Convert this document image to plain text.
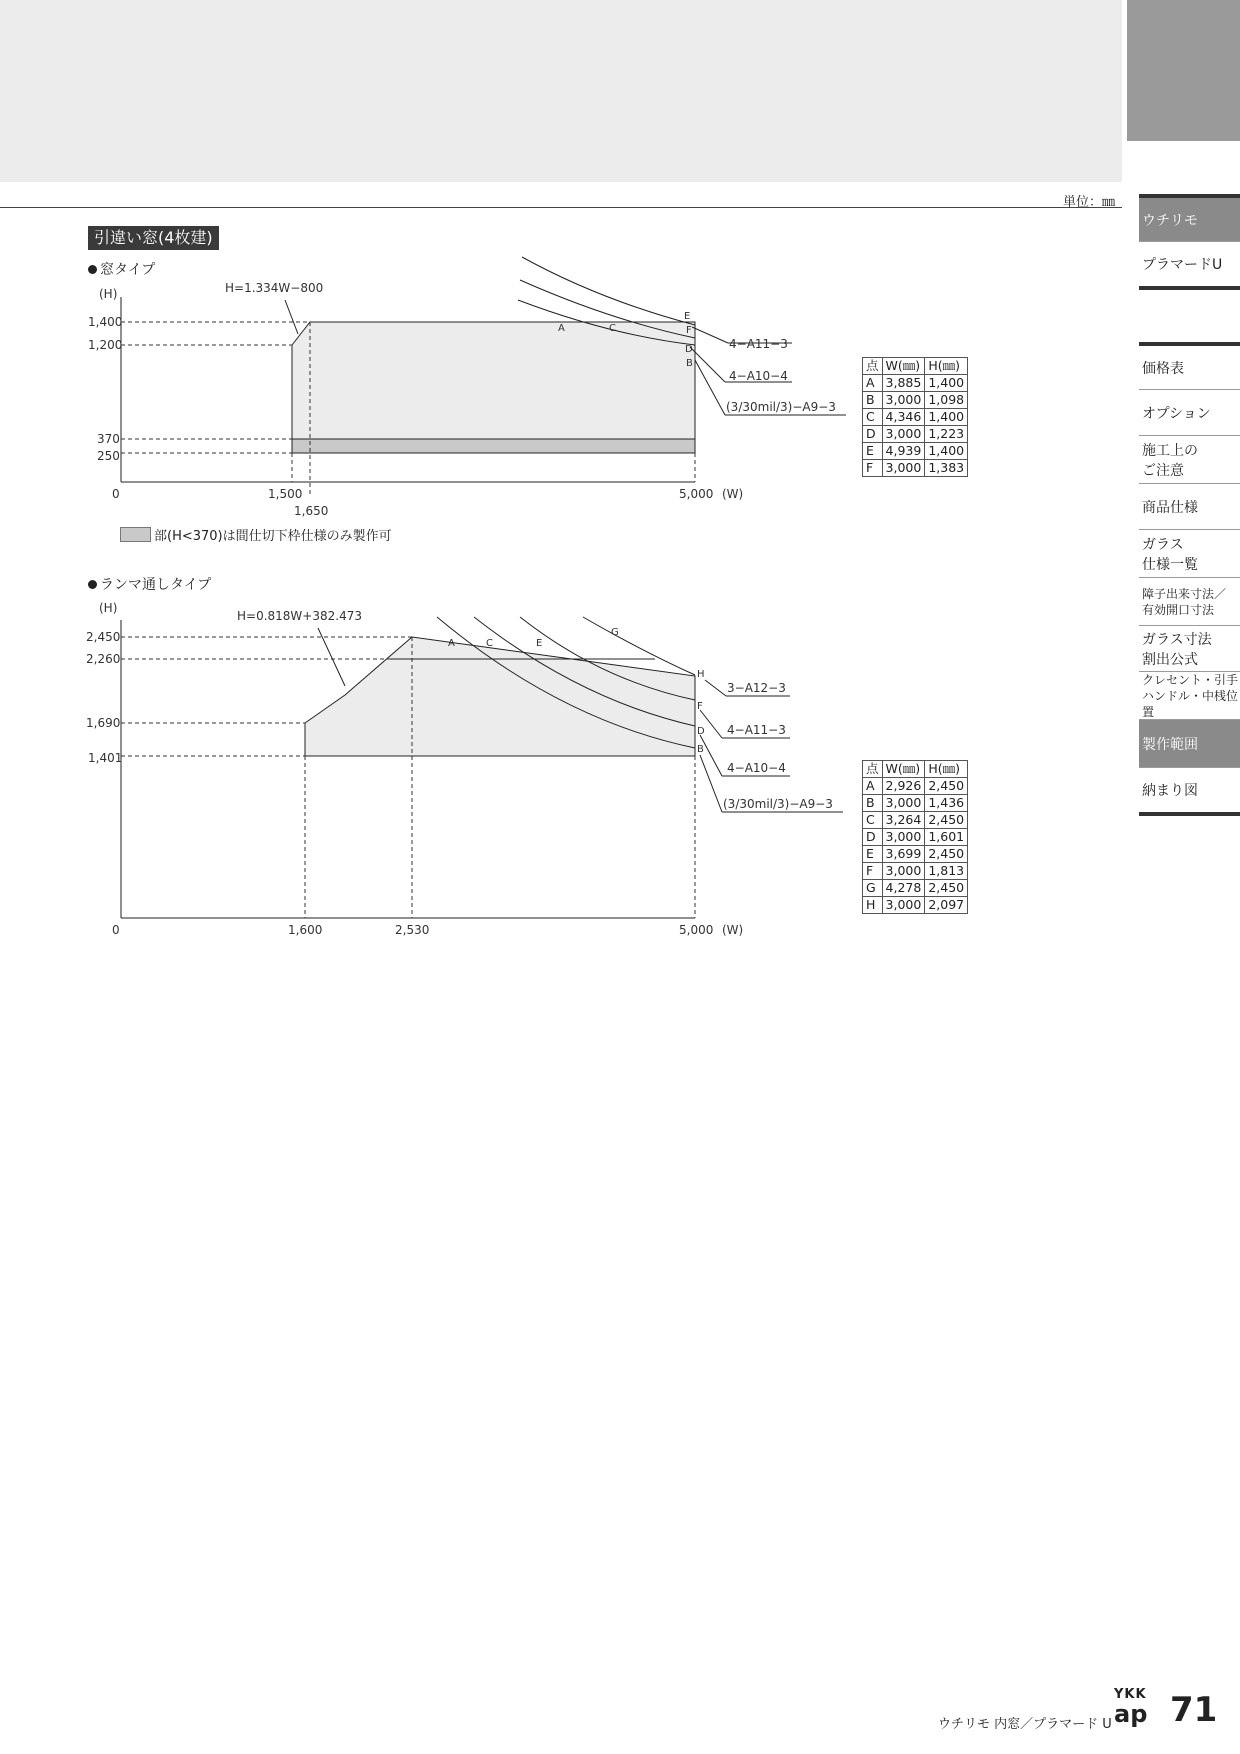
単位：㎜
引違い窓(4枚建)
窓タイプ
(H)
(W)
H=1.334W−800
1,400
1,200
370
250
0	1,500
1,650
5,000
A	C
E
F
D
B
4−A11−3
4−A10−4
(3/30mil/3)−A9−3
(H)
(W)
H=0.818W+382.473
2,450
2,260
1,690
1,401
0	1,600	2,530	5,000
A	C	E
G
H
F
D
B
3−A12−3
4−A11−3
4−A10−4
(3/30mil/3)−A9−3
部(H<370)は間仕切下枠仕様のみ製作可
点	W(㎜)	H(㎜)
A	3,885	1,400
B	3,000	1,098
C	4,346	1,400
D	3,000	1,223
E	4,939	1,400
F	3,000	1,383
ランマ通しタイプ
点	W(㎜)	H(㎜)
A	2,926	2,450
B	3,000	1,436
C	3,264	2,450
D	3,000	1,601
E	3,699	2,450
F	3,000	1,813
G	4,278	2,450
H	3,000	2,097
ウチリモ
プラマードU
価格表
オプション
施工上の
ご注意
商品仕様
ガラス
仕様一覧
障子出来寸法／
有効開口寸法
ガラス寸法
割出公式
クレセント・引手
ハンドル・中桟位置
製作範囲
納まり図
ウチリモ 内窓／プラマード U
YKK
ap 71
